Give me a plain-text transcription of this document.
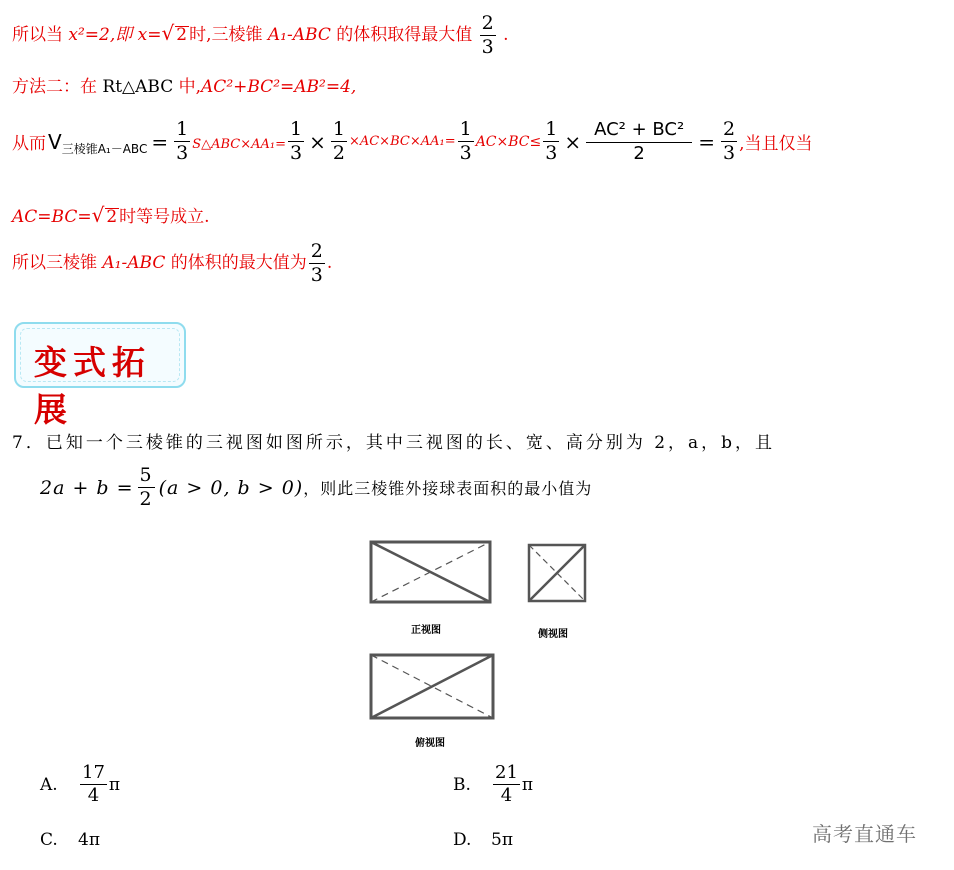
所以当 x²=2,即 x=√ 2 时,三棱锥 A₁-ABC 的体积取得最大值 $\frac{2}{3}$ .
方法二：在 Rt△ABC 中,AC²+BC²=AB²=4,
从而 V 三棱锥$A_1-ABC = \frac{1}{3}$ S△ABC×AA₁= $\frac{1}{3} \times \frac{1}{2} \times AC\times BC\times AA_1= \frac{1}{3} AC\times BC\le \frac{1}{3} \times \frac{\text{AC² + BC²}}{2} = \frac{2}{3}$ ,当且仅当
AC=BC=√ 2 时等号成立.
所以三棱锥 A₁-ABC 的体积的最大值为 $\frac{2}{3}$ .
变式拓展
7．已知一个三棱锥的三视图如图所示，其中三视图的长、宽、高分别为 2，a，b，且
$2a + b = \frac{5}{2} (a > 0$, b > 0) ，则此三棱锥外接球表面积的最小值为
正视图	侧视图
俯视图
A.	$\frac{17}{4}$ π	B.	$\frac{21}{4}$ π
C.	4π	D.	5π	高考直通车
